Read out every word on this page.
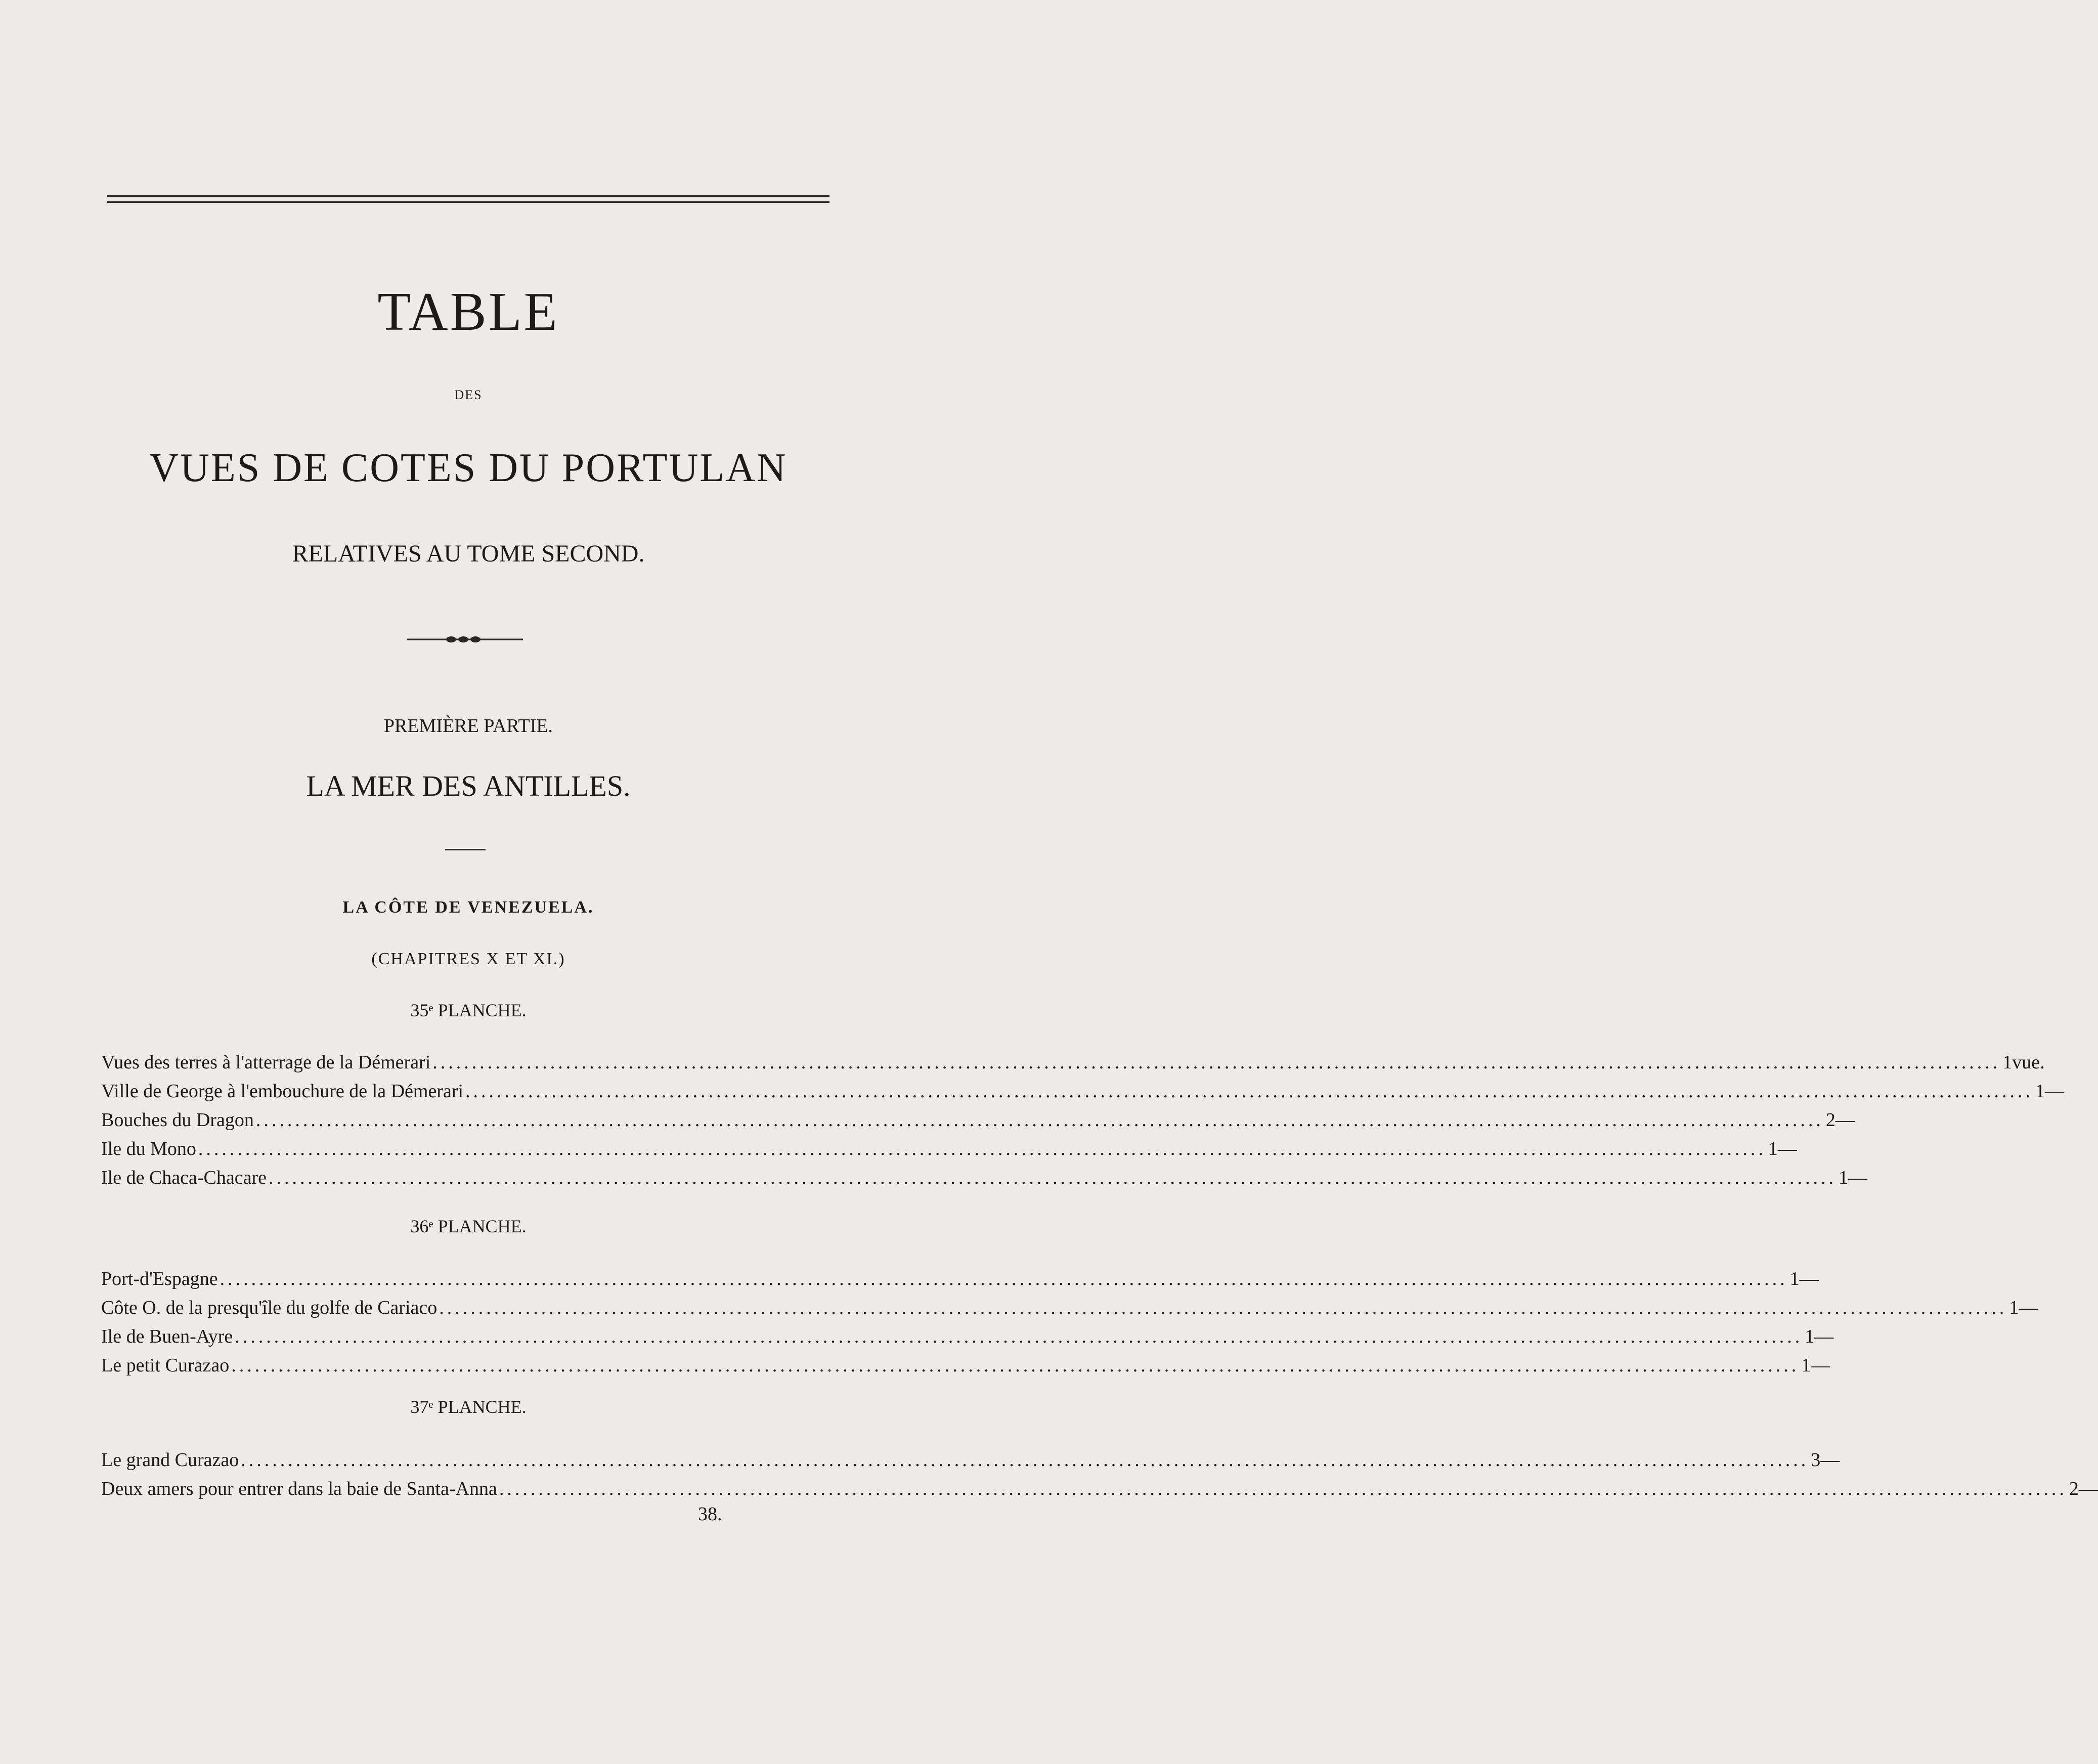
TABLE
DES
VUES DE COTES DU PORTULAN
RELATIVES AU TOME SECOND.
PREMIÈRE PARTIE.
LA MER DES ANTILLES.
LA CÔTE DE VENEZUELA.
(CHAPITRES X ET XI.)
35ᵉ PLANCHE.
Vues des terres à l'atterrage de la Démerari ........................................................................................................................................................................................................ 1 vue.
Ville de George à l'embouchure de la Démerari ........................................................................................................................................................................................................ 1 —
Bouches du Dragon ........................................................................................................................................................................................................ 2 —
Ile du Mono ........................................................................................................................................................................................................ 1 —
Ile de Chaca-Chacare ........................................................................................................................................................................................................ 1 —
36ᵉ PLANCHE.
Port-d'Espagne ........................................................................................................................................................................................................ 1 —
Côte O. de la presqu'île du golfe de Cariaco ........................................................................................................................................................................................................ 1 —
Ile de Buen-Ayre ........................................................................................................................................................................................................ 1 —
Le petit Curazao ........................................................................................................................................................................................................ 1 —
37ᵉ PLANCHE.
Le grand Curazao ........................................................................................................................................................................................................ 3 —
Deux amers pour entrer dans la baie de Santa-Anna ........................................................................................................................................................................................................ 2 —
38.
